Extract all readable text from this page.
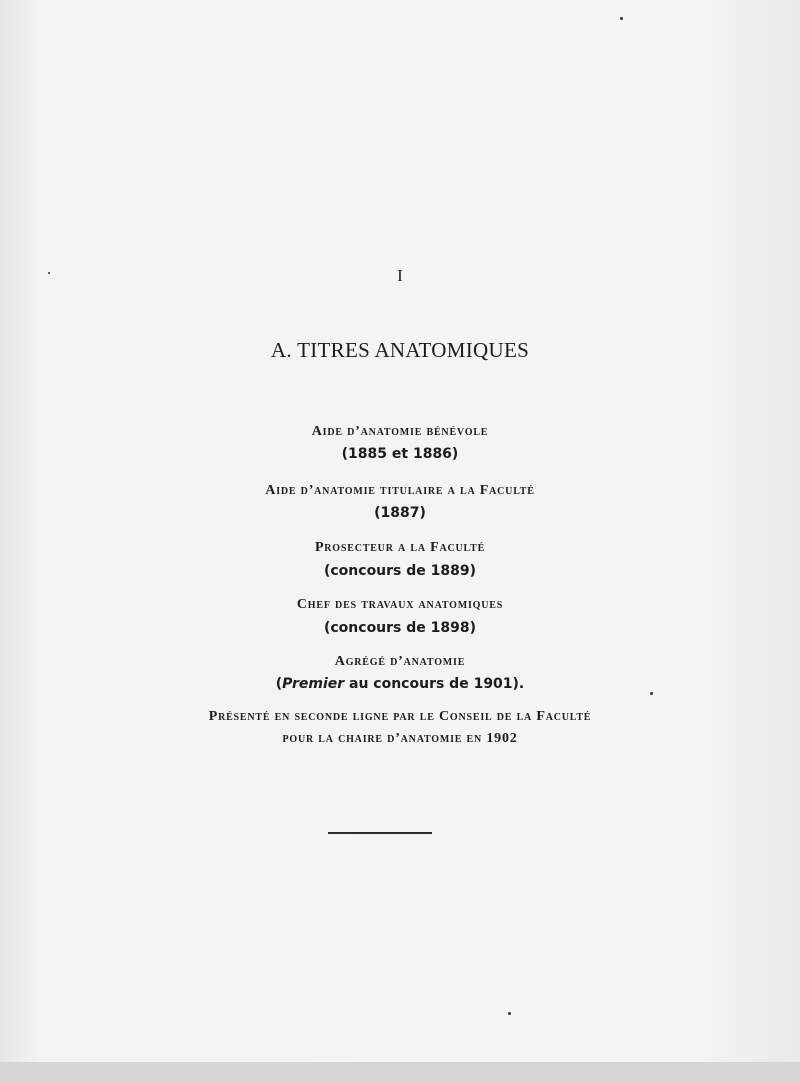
I
A. TITRES ANATOMIQUES
Aide d’anatomie bénévole
(1885 et 1886)
Aide d’anatomie titulaire a la Faculté
(1887)
Prosecteur a la Faculté
(concours de 1889)
Chef des travaux anatomiques
(concours de 1898)
Agrégé d’anatomie
(Premier au concours de 1901).
Présenté en seconde ligne par le Conseil de la Faculté
pour la chaire d’anatomie en 1902
